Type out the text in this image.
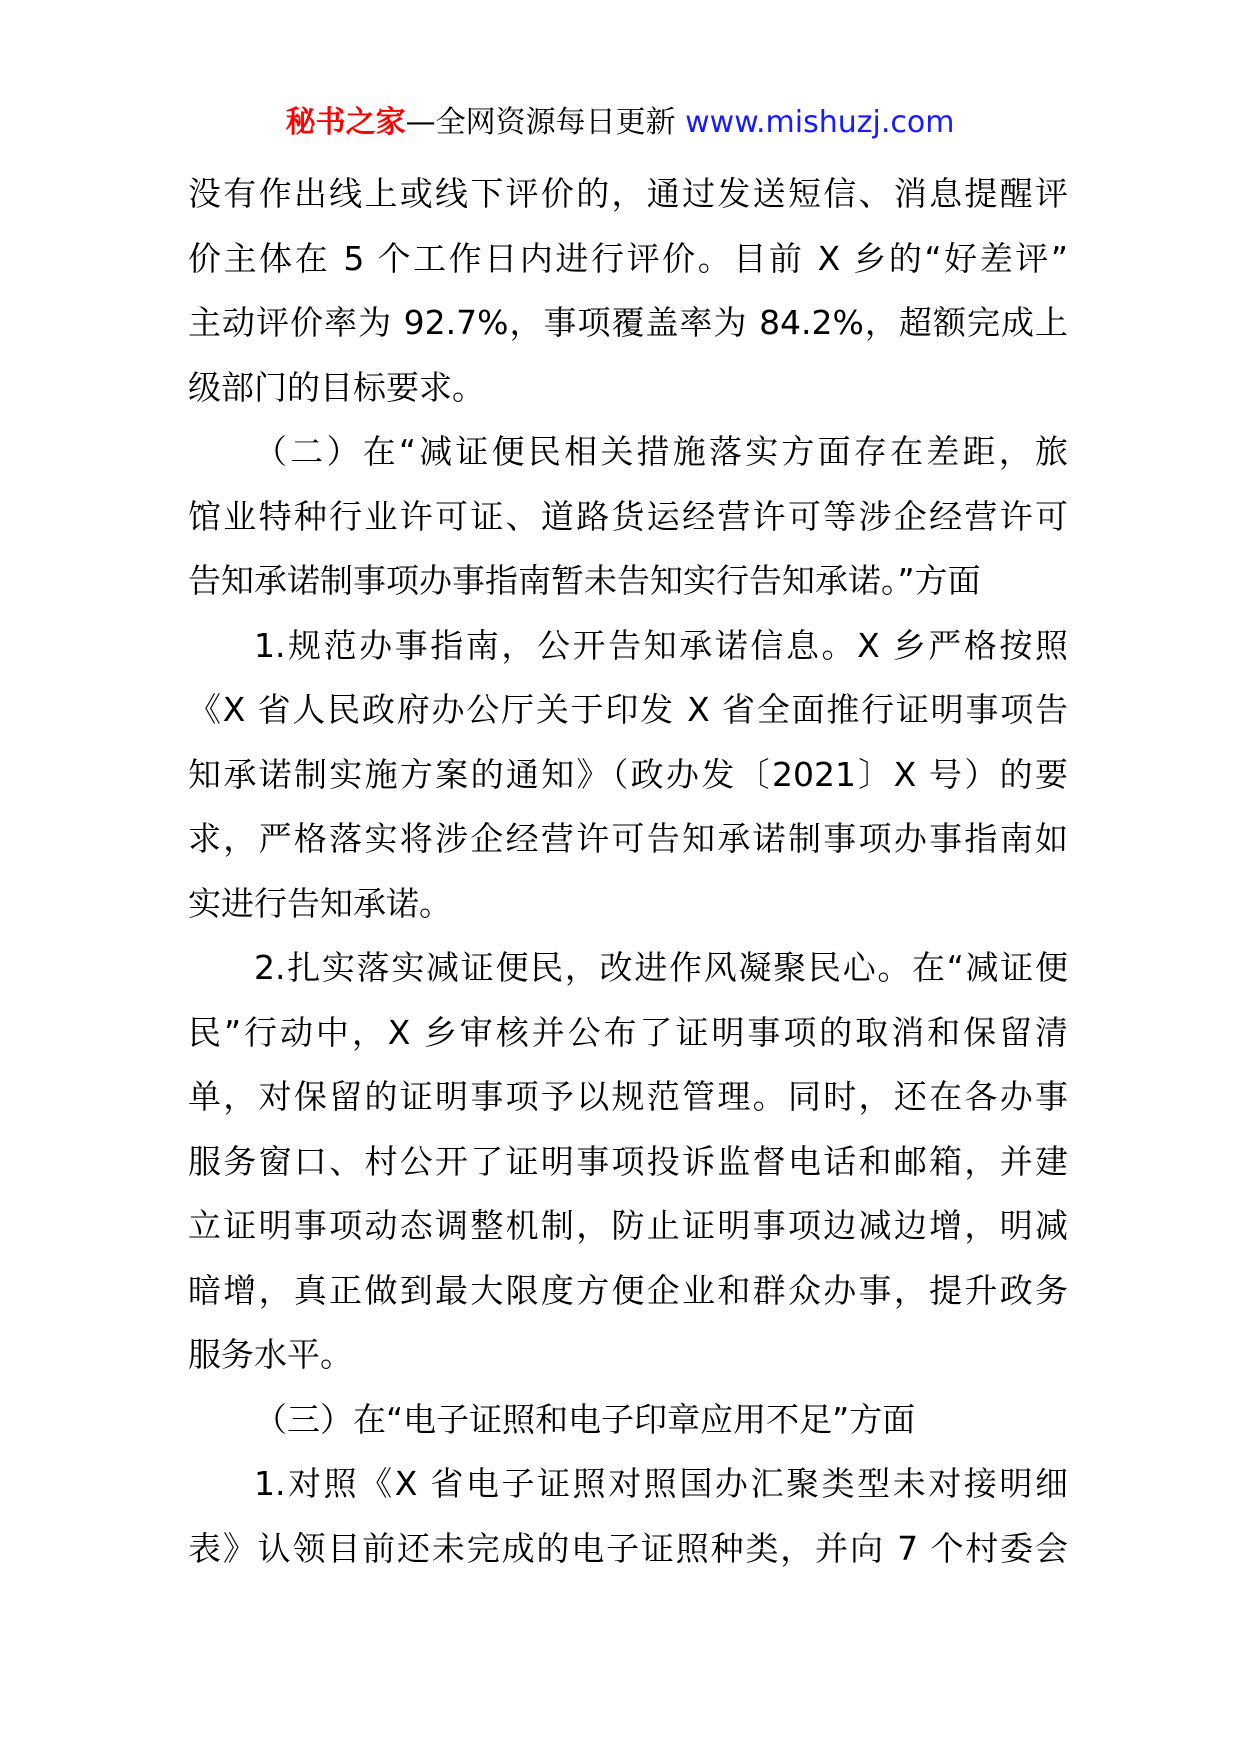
秘书之家—全网资源每日更新 www.mishuzj.com
没有作出线上或线下评价的，通过发送短信、消息提醒评
价主体在 5 个工作日内进行评价。目前 X 乡的“好差评”
主动评价率为 92.7%，事项覆盖率为 84.2%，超额完成上
级部门的目标要求。
（二）在“减证便民相关措施落实方面存在差距，旅
馆业特种行业许可证、道路货运经营许可等涉企经营许可
告知承诺制事项办事指南暂未告知实行告知承诺。”方面
1.规范办事指南，公开告知承诺信息。X 乡严格按照
《X 省人民政府办公厅关于印发 X 省全面推行证明事项告
知承诺制实施方案的通知》（政办发〔2021〕X 号）的要
求，严格落实将涉企经营许可告知承诺制事项办事指南如
实进行告知承诺。
2.扎实落实减证便民，改进作风凝聚民心。在“减证便
民”行动中，X 乡审核并公布了证明事项的取消和保留清
单，对保留的证明事项予以规范管理。同时，还在各办事
服务窗口、村公开了证明事项投诉监督电话和邮箱，并建
立证明事项动态调整机制，防止证明事项边减边增，明减
暗增，真正做到最大限度方便企业和群众办事，提升政务
服务水平。
（三）在“电子证照和电子印章应用不足”方面
1.对照《X 省电子证照对照国办汇聚类型未对接明细
表》认领目前还未完成的电子证照种类，并向 7 个村委会
